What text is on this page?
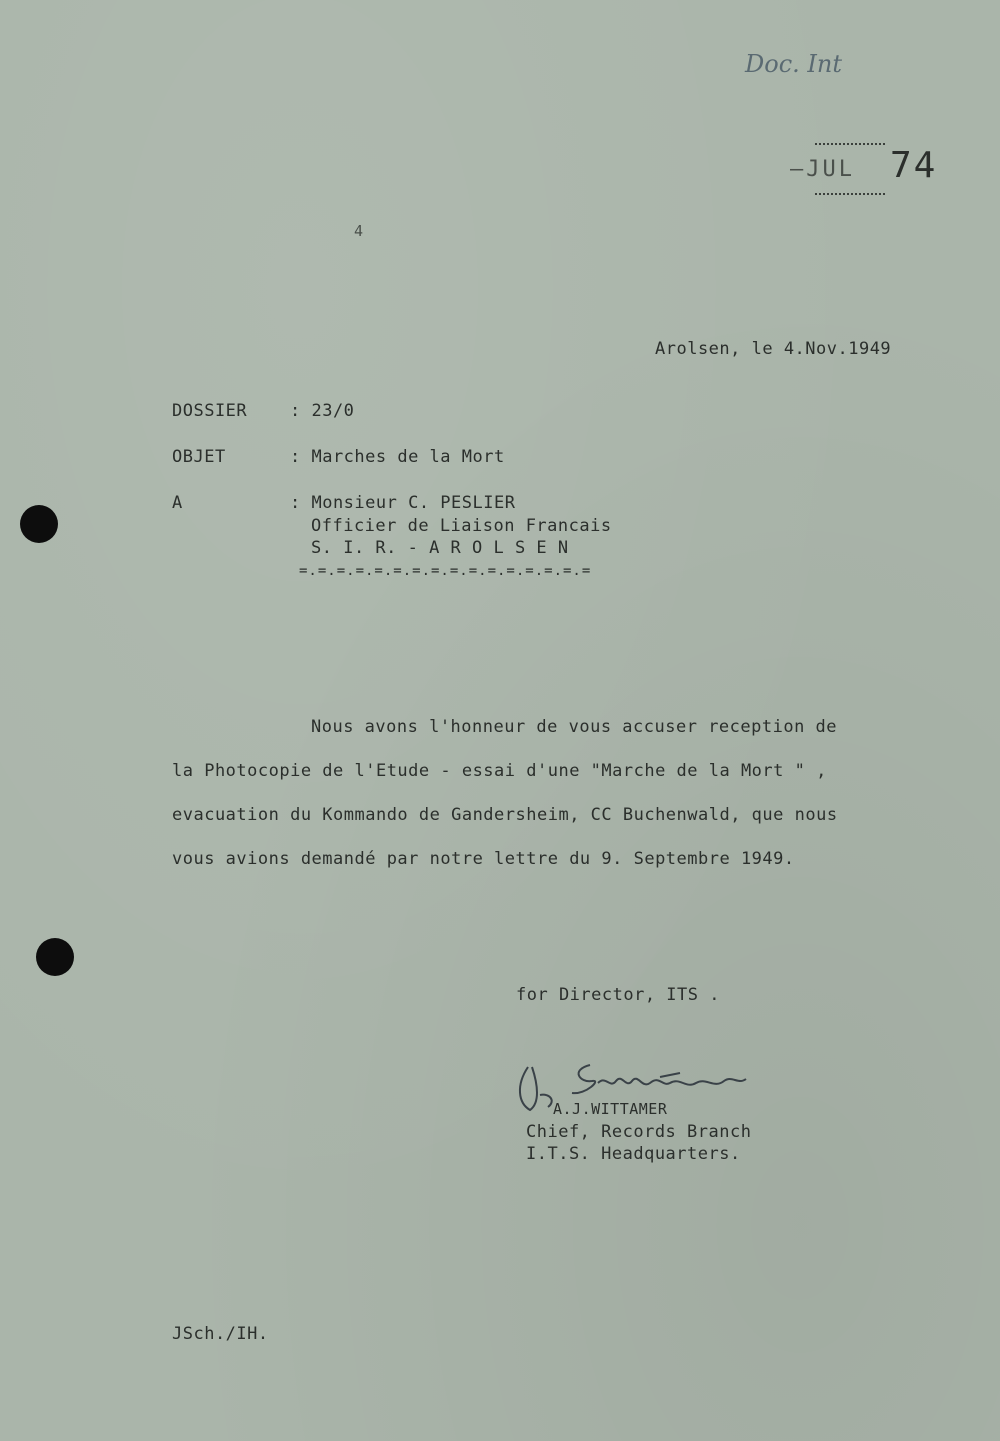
Doc. Int
—JUL 74
4
Arolsen, le 4.Nov.1949
DOSSIER	: 23/0
OBJET	: Marches de la Mort
A	: Monsieur C. PESLIER
Officier de Liaison Francais
S. I. R. - A R O L S E N
=.=.=.=.=.=.=.=.=.=.=.=.=.=.=.=
Nous avons l'honneur de vous accuser reception de
la Photocopie de l'Etude - essai d'une "Marche de la Mort " ,
evacuation du Kommando de Gandersheim, CC Buchenwald, que nous
vous avions demandé par notre lettre du 9. Septembre 1949.
for Director, ITS .
A.J.WITTAMER
Chief, Records Branch
I.T.S. Headquarters.
JSch./IH.
